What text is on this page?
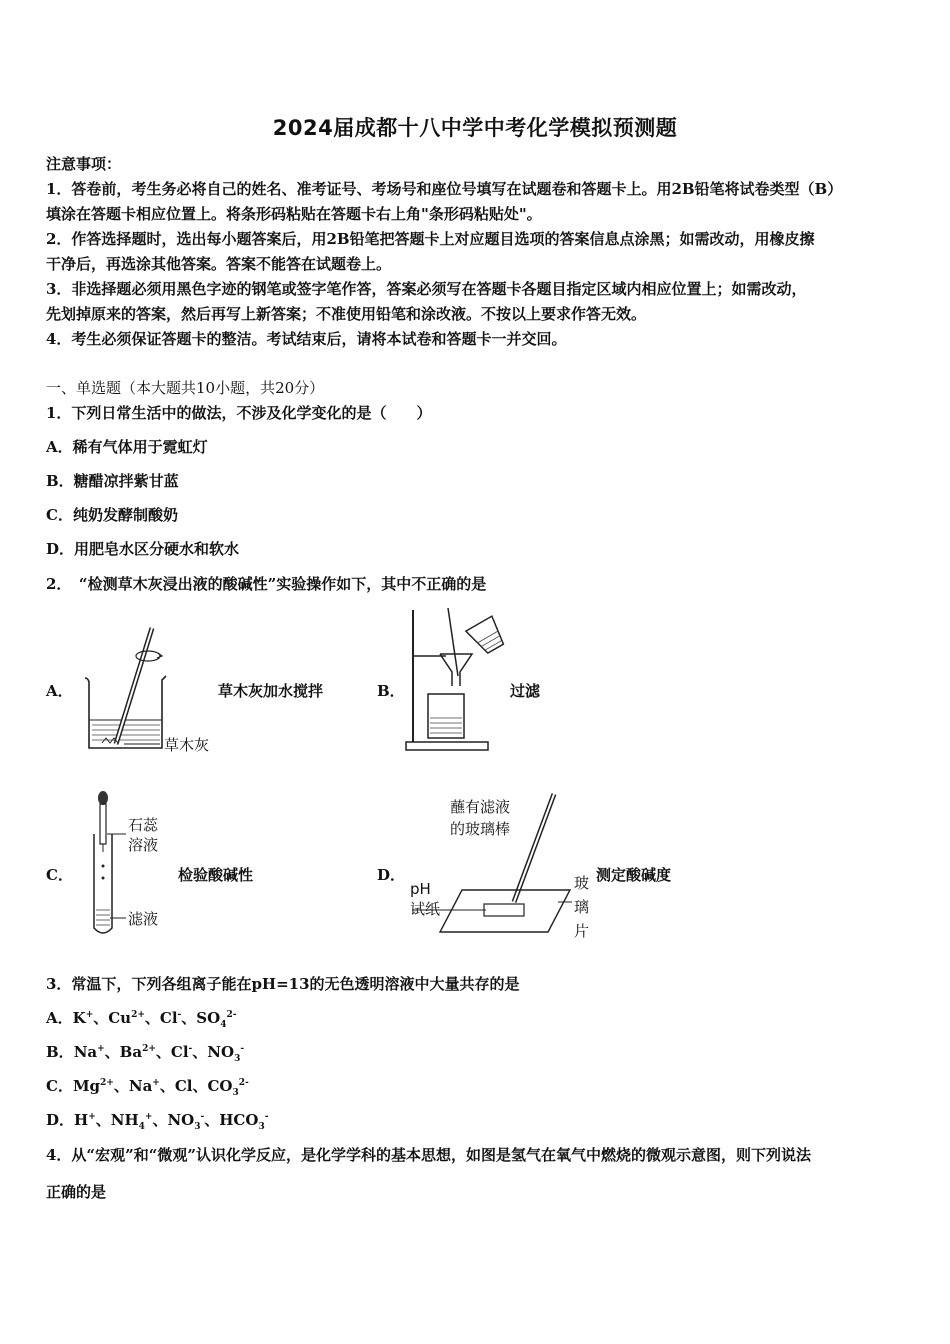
2024届成都十八中学中考化学模拟预测题
注意事项：
1．答卷前，考生务必将自己的姓名、准考证号、考场号和座位号填写在试题卷和答题卡上。用2B铅笔将试卷类型（B）
填涂在答题卡相应位置上。将条形码粘贴在答题卡右上角"条形码粘贴处"。
2．作答选择题时，选出每小题答案后，用2B铅笔把答题卡上对应题目选项的答案信息点涂黑；如需改动，用橡皮擦
干净后，再选涂其他答案。答案不能答在试题卷上。
3．非选择题必须用黑色字迹的钢笔或签字笔作答，答案必须写在答题卡各题目指定区域内相应位置上；如需改动，
先划掉原来的答案，然后再写上新答案；不准使用铅笔和涂改液。不按以上要求作答无效。
4．考生必须保证答题卡的整洁。考试结束后，请将本试卷和答题卡一并交回。
一、单选题（本大题共10小题，共20分）
1．下列日常生活中的做法，不涉及化学变化的是（　　）
A．稀有气体用于霓虹灯
B．糖醋凉拌紫甘蓝
C．纯奶发酵制酸奶
D．用肥皂水区分硬水和软水
2．　“检测草木灰浸出液的酸碱性”实验操作如下，其中不正确的是
A．	草木灰加水搅拌
草木灰
B．	过滤
C．	检验酸碱性
石蕊
溶液
滤液
D．	测定酸碱度
蘸有滤液
的玻璃棒
pH
试纸
玻
璃
片
3．常温下，下列各组离子能在pH=13的无色透明溶液中大量共存的是
A．K+、$Cu^{2+}$、Cl-、$SO_4^{2-}$
B．Na+、$Ba^{2+}$、Cl-、$NO_3^-$
C．$Mg^{2+}$、Na+、Cl、$CO_3^{2-}$
D．H+、$NH_4^+$、$NO_3^-$、$HCO_3^-$
4．从“宏观”和“微观”认识化学反应，是化学学科的基本思想，如图是氢气在氧气中燃烧的微观示意图，则下列说法
正确的是
